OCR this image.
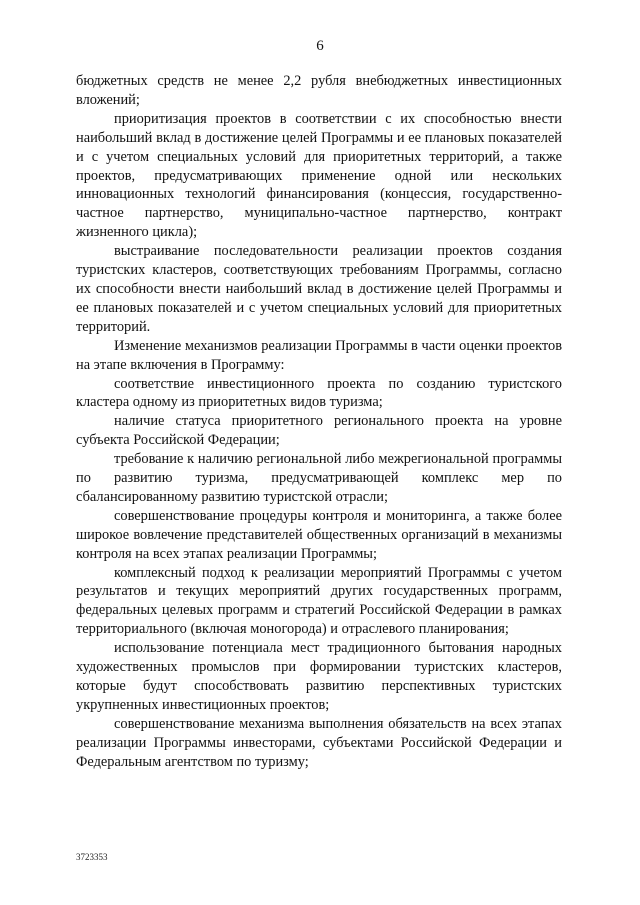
6

бюджетных средств не менее 2,2 рубля внебюджетных инвестиционных вложений;

приоритизация проектов в соответствии с их способностью внести наибольший вклад в достижение целей Программы и ее плановых показателей и с учетом специальных условий для приоритетных территорий, а также проектов, предусматривающих применение одной или нескольких инновационных технологий финансирования (концессия, государственно-частное партнерство, муниципально-частное партнерство, контракт жизненного цикла);

выстраивание последовательности реализации проектов создания туристских кластеров, соответствующих требованиям Программы, согласно их способности внести наибольший вклад в достижение целей Программы и ее плановых показателей и с учетом специальных условий для приоритетных территорий.

Изменение механизмов реализации Программы в части оценки проектов на этапе включения в Программу:

соответствие инвестиционного проекта по созданию туристского кластера одному из приоритетных видов туризма;

наличие статуса приоритетного регионального проекта на уровне субъекта Российской Федерации;

требование к наличию региональной либо межрегиональной программы по развитию туризма, предусматривающей комплекс мер по сбалансированному развитию туристской отрасли;

совершенствование процедуры контроля и мониторинга, а также более широкое вовлечение представителей общественных организаций в механизмы контроля на всех этапах реализации Программы;

комплексный подход к реализации мероприятий Программы с учетом результатов и текущих мероприятий других государственных программ, федеральных целевых программ и стратегий Российской Федерации в рамках территориального (включая моногорода) и отраслевого планирования;

использование потенциала мест традиционного бытования народных художественных промыслов при формировании туристских кластеров, которые будут способствовать развитию перспективных туристских укрупненных инвестиционных проектов;

совершенствование механизма выполнения обязательств на всех этапах реализации Программы инвесторами, субъектами Российской Федерации и Федеральным агентством по туризму;

3723353
